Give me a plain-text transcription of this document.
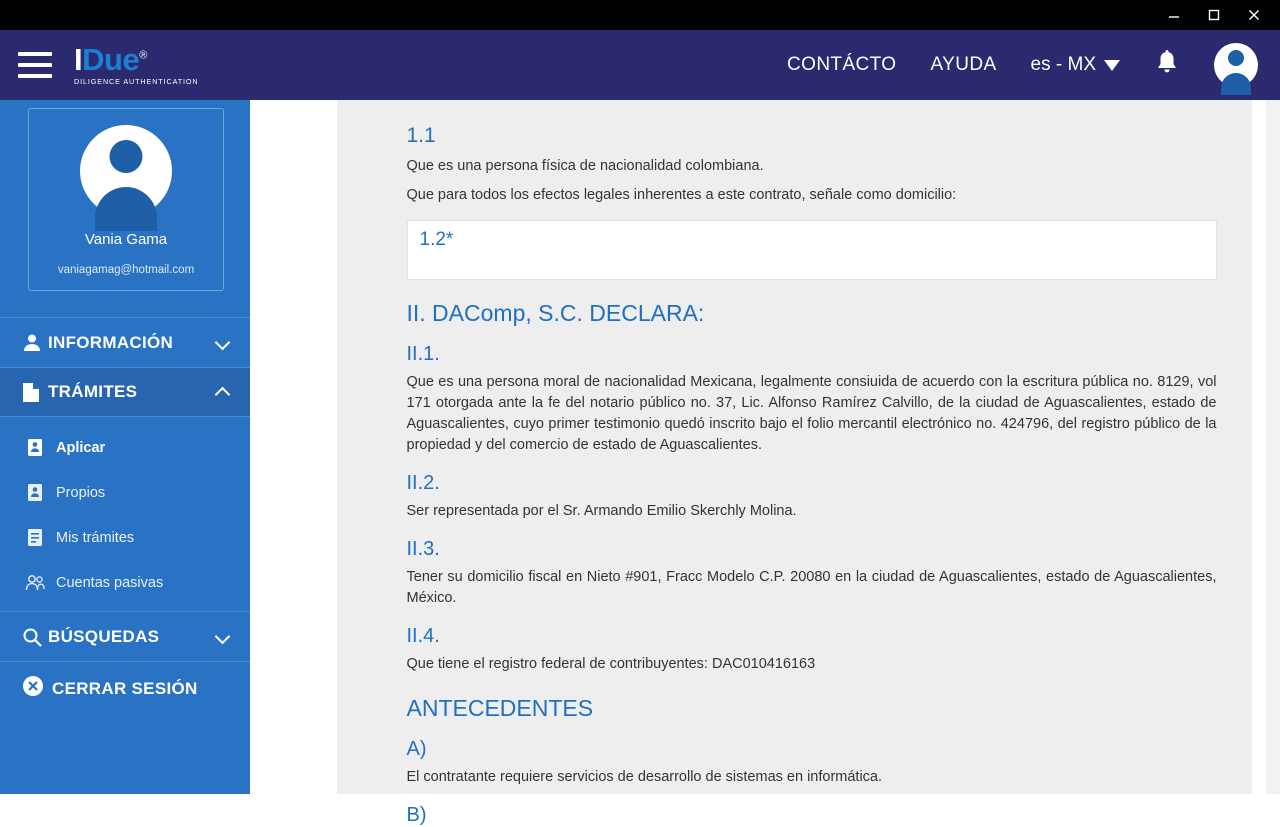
IDue®
DILIGENCE AUTHENTICATION
CONTÁCTO AYUDA es - MX
Vania Gama
vaniagamag@hotmail.com
INFORMACIÓN
TRÁMITES
Aplicar
Propios
Mis trámites
Cuentas pasivas
BÚSQUEDAS
CERRAR SESIÓN
1.1
Que es una persona física de nacionalidad colombiana.
Que para todos los efectos legales inherentes a este contrato, señale como domicilio:
1.2*
II. DAComp, S.C. DECLARA:
II.1.
Que es una persona moral de nacionalidad Mexicana, legalmente consiuida de acuerdo con la escritura pública no. 8129, vol 171 otorgada ante la fe del notario público no. 37, Lic. Alfonso Ramírez Calvillo, de la ciudad de Aguascalientes, estado de Aguascalientes, cuyo primer testimonio quedó inscrito bajo el folio mercantil electrónico no. 424796, del registro público de la propiedad y del comercio de estado de Aguascalientes.
II.2.
Ser representada por el Sr. Armando Emilio Skerchly Molina.
II.3.
Tener su domicilio fiscal en Nieto #901, Fracc Modelo C.P. 20080 en la ciudad de Aguascalientes, estado de Aguascalientes, México.
II.4.
Que tiene el registro federal de contribuyentes: DAC010416163
ANTECEDENTES
A)
El contratante requiere servicios de desarrollo de sistemas en informática.
B)
